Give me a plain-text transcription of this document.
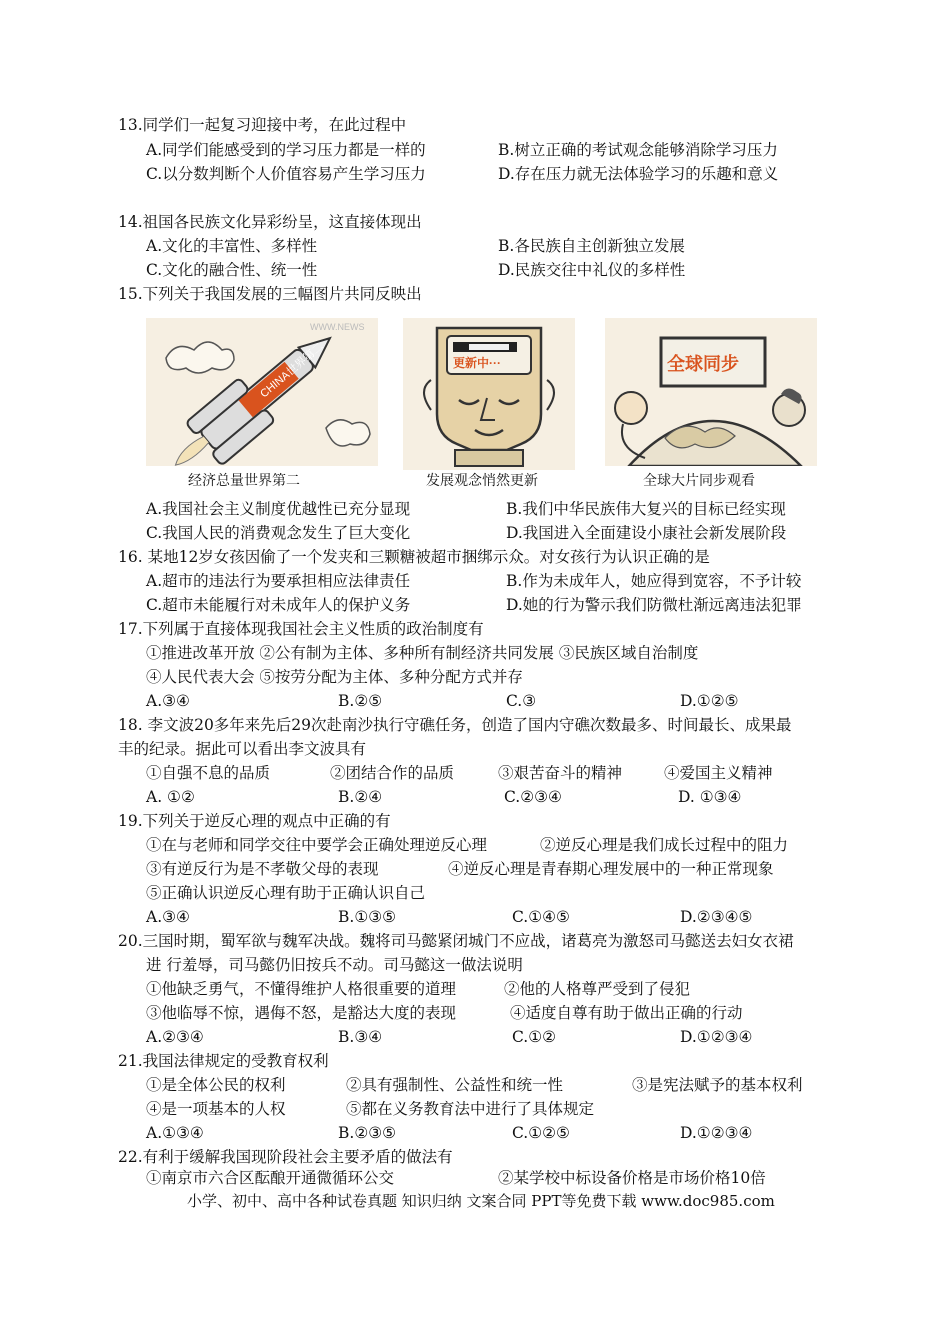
13.同学们一起复习迎接中考，在此过程中
A.同学们能感受到的学习压力都是一样的	B.树立正确的考试观念能够消除学习压力
C.以分数判断个人价值容易产生学习压力	D.存在压力就无法体验学习的乐趣和意义
14.祖国各民族文化异彩纷呈，这直接体现出
A.文化的丰富性、多样性	B.各民族自主创新独立发展
C.文化的融合性、统一性	D.民族交往中礼仪的多样性
15.下列关于我国发展的三幅图片共同反映出
CHINA世界第二
WWW.NEWS
更新中···	全球同步
经济总量世界第二	发展观念悄然更新	全球大片同步观看
A.我国社会主义制度优越性已充分显现	B.我们中华民族伟大复兴的目标已经实现
C.我国人民的消费观念发生了巨大变化	D.我国进入全面建设小康社会新发展阶段
16. 某地12岁女孩因偷了一个发夹和三颗糖被超市捆绑示众。对女孩行为认识正确的是
A.超市的违法行为要承担相应法律责任	B.作为未成年人，她应得到宽容，不予计较
C.超市未能履行对未成年人的保护义务	D.她的行为警示我们防微杜渐远离违法犯罪
17.下列属于直接体现我国社会主义性质的政治制度有
①推进改革开放 ②公有制为主体、多种所有制经济共同发展 ③民族区域自治制度
④人民代表大会 ⑤按劳分配为主体、多种分配方式并存
A.③④	B.②⑤	C.③	D.①②⑤
18. 李文波20多年来先后29次赴南沙执行守礁任务，创造了国内守礁次数最多、时间最长、成果最
丰的纪录。据此可以看出李文波具有
①自强不息的品质	②团结合作的品质	③艰苦奋斗的精神	④爱国主义精神
A. ①②	B.②④	C.②③④	D. ①③④
19.下列关于逆反心理的观点中正确的有
①在与老师和同学交往中要学会正确处理逆反心理	②逆反心理是我们成长过程中的阻力
③有逆反行为是不孝敬父母的表现	④逆反心理是青春期心理发展中的一种正常现象
⑤正确认识逆反心理有助于正确认识自己
A.③④	B.①③⑤	C.①④⑤	D.②③④⑤
20.三国时期，蜀军欲与魏军决战。魏将司马懿紧闭城门不应战，诸葛亮为激怒司马懿送去妇女衣裙
进 行羞辱，司马懿仍旧按兵不动。司马懿这一做法说明
①他缺乏勇气，不懂得维护人格很重要的道理	②他的人格尊严受到了侵犯
③他临辱不惊，遇侮不怒，是豁达大度的表现	④适度自尊有助于做出正确的行动
A.②③④	B.③④	C.①②	D.①②③④
21.我国法律规定的受教育权利
①是全体公民的权利	②具有强制性、公益性和统一性	③是宪法赋予的基本权利
④是一项基本的人权	⑤都在义务教育法中进行了具体规定
A.①③④	B.②③⑤	C.①②⑤	D.①②③④
22.有利于缓解我国现阶段社会主要矛盾的做法有
①南京市六合区酝酿开通微循环公交	②某学校中标设备价格是市场价格10倍
小学、初中、高中各种试卷真题 知识归纳 文案合同 PPT等免费下载 www.doc985.com
